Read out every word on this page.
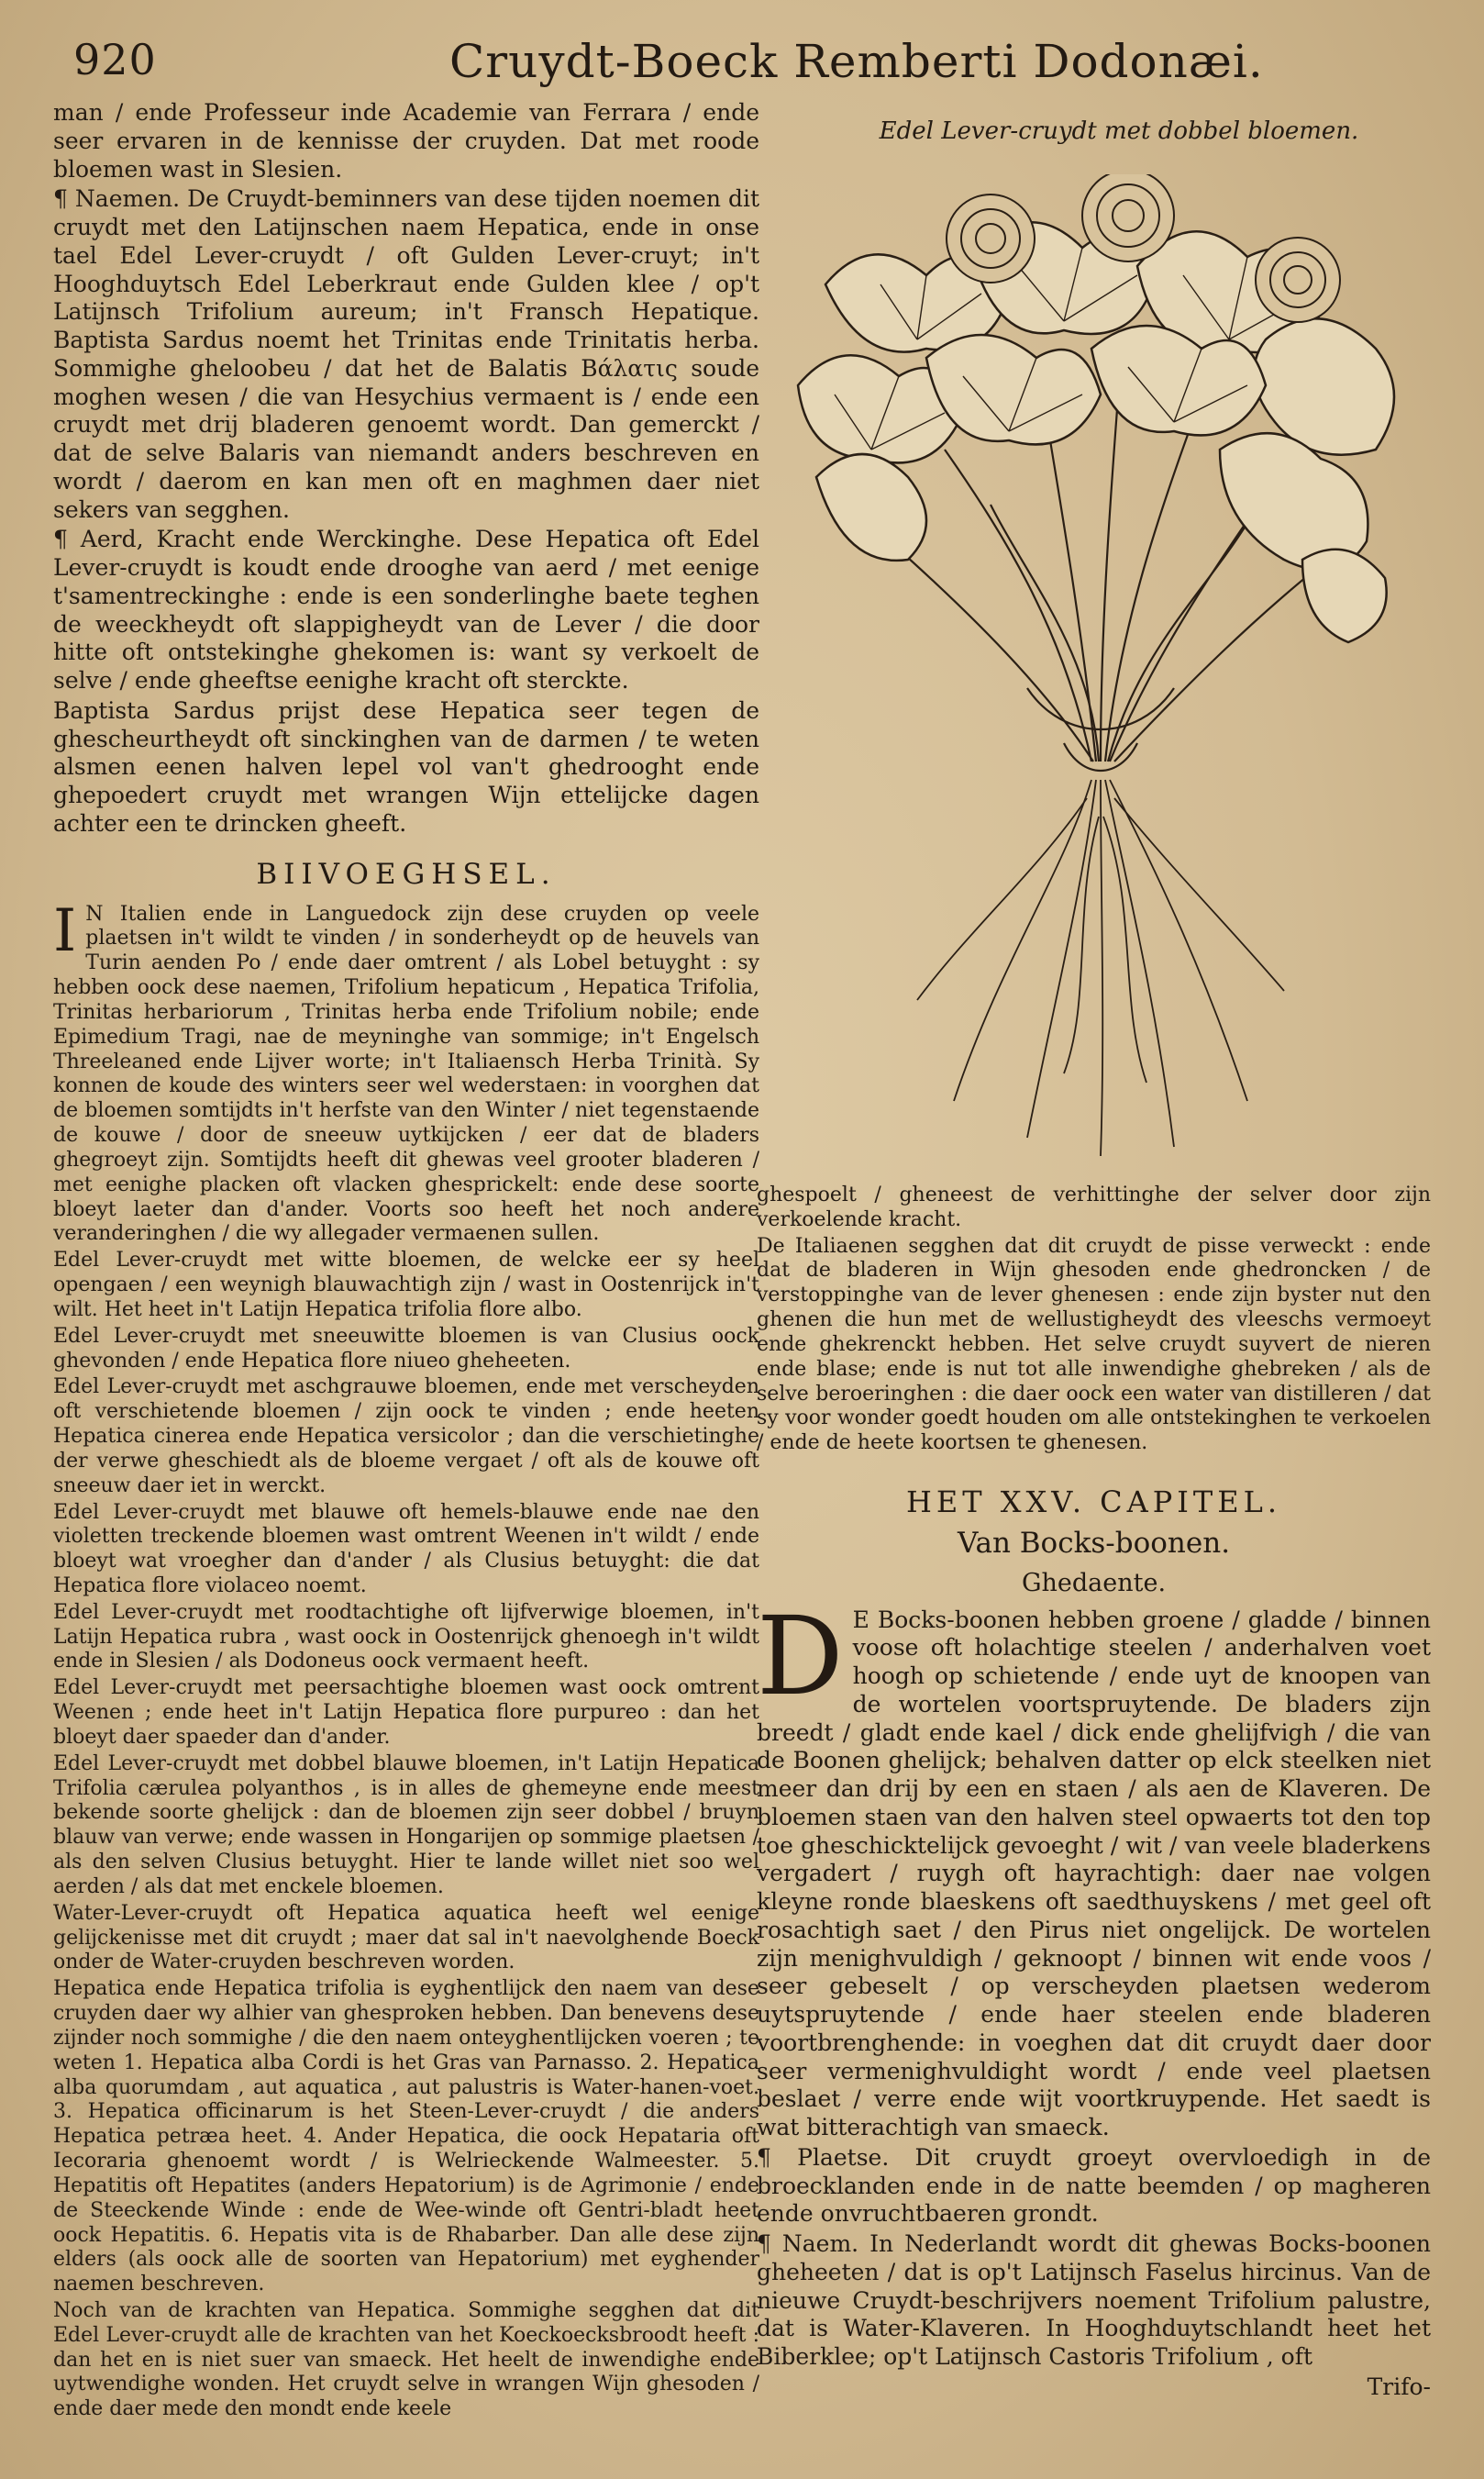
920	Cruydt-Boeck Remberti Dodonæi.
Edel Lever-cruydt met dobbel bloemen.

man / ende Professeur inde Academie van Ferrara / ende seer ervaren in de kennisse der cruyden. Dat met roode bloemen wast in Slesien.

¶ Naemen. De Cruydt-beminners van dese tijden noemen dit cruydt met den Latijnschen naem Hepatica, ende in onse tael Edel Lever-cruydt / oft Gulden Lever-cruyt; in't Hooghduytsch Edel Leberkraut ende Gulden klee / op't Latijnsch Trifolium aureum; in't Fransch Hepatique. Baptista Sardus noemt het Trinitas ende Trinitatis herba. Sommighe gheloobeu / dat het de Balatis Βάλατις soude moghen wesen / die van Hesychius vermaent is / ende een cruydt met drij bladeren genoemt wordt. Dan gemerckt / dat de selve Balaris van niemandt anders beschreven en wordt / daerom en kan men oft en maghmen daer niet sekers van segghen.

¶ Aerd, Kracht ende Werckinghe. Dese Hepatica oft Edel Lever-cruydt is koudt ende drooghe van aerd / met eenige t'samentreckinghe : ende is een sonderlinghe baete teghen de weeckheydt oft slappigheydt van de Lever / die door hitte oft ontstekinghe ghekomen is: want sy verkoelt de selve / ende gheeftse eenighe kracht oft sterckte.

Baptista Sardus prijst dese Hepatica seer tegen de ghescheurtheydt oft sinckinghen van de darmen / te weten alsmen eenen halven lepel vol van't ghedrooght ende ghepoedert cruydt met wrangen Wijn ettelijcke dagen achter een te drincken gheeft.

BIIVOEGHSEL.

I N Italien ende in Languedock zijn dese cruyden op veele plaetsen in't wildt te vinden / in sonderheydt op de heuvels van Turin aenden Po / ende daer omtrent / als Lobel betuyght : sy hebben oock dese naemen, Trifolium hepaticum , Hepatica Trifolia, Trinitas herbariorum , Trinitas herba ende Trifolium nobile; ende Epimedium Tragi, nae de meyninghe van sommige; in't Engelsch Threeleaned ende Lijver worte; in't Italiaensch Herba Trinità. Sy konnen de koude des winters seer wel wederstaen: in voorghen dat de bloemen somtijdts in't herfste van den Winter / niet tegenstaende de kouwe / door de sneeuw uytkijcken / eer dat de bladers ghegroeyt zijn. Somtijdts heeft dit ghewas veel grooter bladeren / met eenighe placken oft vlacken ghesprickelt: ende dese soorte bloeyt laeter dan d'ander. Voorts soo heeft het noch andere veranderinghen / die wy allegader vermaenen sullen.

Edel Lever-cruydt met witte bloemen, de welcke eer sy heel opengaen / een weynigh blauwachtigh zijn / wast in Oostenrijck in't wilt. Het heet in't Latijn Hepatica trifolia flore albo.

Edel Lever-cruydt met sneeuwitte bloemen is van Clusius oock ghevonden / ende Hepatica flore niueo gheheeten.

Edel Lever-cruydt met aschgrauwe bloemen, ende met verscheyden oft verschietende bloemen / zijn oock te vinden ; ende heeten Hepatica cinerea ende Hepatica versicolor ; dan die verschietinghe der verwe gheschiedt als de bloeme vergaet / oft als de kouwe oft sneeuw daer iet in werckt.

Edel Lever-cruydt met blauwe oft hemels-blauwe ende nae den violetten treckende bloemen wast omtrent Weenen in't wildt / ende bloeyt wat vroegher dan d'ander / als Clusius betuyght: die dat Hepatica flore violaceo noemt.

Edel Lever-cruydt met roodtachtighe oft lijfverwige bloemen, in't Latijn Hepatica rubra , wast oock in Oostenrijck ghenoegh in't wildt ende in Slesien / als Dodoneus oock vermaent heeft.

Edel Lever-cruydt met peersachtighe bloemen wast oock omtrent Weenen ; ende heet in't Latijn Hepatica flore purpureo : dan het bloeyt daer spaeder dan d'ander.

Edel Lever-cruydt met dobbel blauwe bloemen, in't Latijn Hepatica Trifolia cærulea polyanthos , is in alles de ghemeyne ende meest bekende soorte ghelijck : dan de bloemen zijn seer dobbel / bruyn blauw van verwe; ende wassen in Hongarijen op sommige plaetsen / als den selven Clusius betuyght. Hier te lande willet niet soo wel aerden / als dat met enckele bloemen.

Water-Lever-cruydt oft Hepatica aquatica heeft wel eenige gelijckenisse met dit cruydt ; maer dat sal in't naevolghende Boeck onder de Water-cruyden beschreven worden.

Hepatica ende Hepatica trifolia is eyghentlijck den naem van dese cruyden daer wy alhier van ghesproken hebben. Dan benevens dese zijnder noch sommighe / die den naem onteyghentlijcken voeren ; te weten 1. Hepatica alba Cordi is het Gras van Parnasso. 2. Hepatica alba quorumdam , aut aquatica , aut palustris is Water-hanen-voet. 3. Hepatica officinarum is het Steen-Lever-cruydt / die anders Hepatica petræa heet. 4. Ander Hepatica, die oock Hepataria oft Iecoraria ghenoemt wordt / is Welrieckende Walmeester. 5. Hepatitis oft Hepatites (anders Hepatorium) is de Agrimonie / ende de Steeckende Winde : ende de Wee-winde oft Gentri-bladt heet oock Hepatitis. 6. Hepatis vita is de Rhabarber. Dan alle dese zijn elders (als oock alle de soorten van Hepatorium) met eyghender naemen beschreven.

Noch van de krachten van Hepatica. Sommighe segghen dat dit Edel Lever-cruydt alle de krachten van het Koeckoecksbroodt heeft : dan het en is niet suer van smaeck. Het heelt de inwendighe ende uytwendighe wonden. Het cruydt selve in wrangen Wijn ghesoden / ende daer mede den mondt ende keele

ghespoelt / gheneest de verhittinghe der selver door zijn verkoelende kracht.

De Italiaenen segghen dat dit cruydt de pisse verweckt : ende dat de bladeren in Wijn ghesoden ende ghedroncken / de verstoppinghe van de lever ghenesen : ende zijn byster nut den ghenen die hun met de wellustigheydt des vleeschs vermoeyt ende ghekrenckt hebben. Het selve cruydt suyvert de nieren ende blase; ende is nut tot alle inwendighe ghebreken / als de selve beroeringhen : die daer oock een water van distilleren / dat sy voor wonder goedt houden om alle ontstekinghen te verkoelen / ende de heete koortsen te ghenesen.

HET XXV. CAPITEL.
Van Bocks-boonen.
Ghedaente.

D E Bocks-boonen hebben groene / gladde / binnen voose oft holachtige steelen / anderhalven voet hoogh op schietende / ende uyt de knoopen van de wortelen voortspruytende. De bladers zijn breedt / gladt ende kael / dick ende ghelijfvigh / die van de Boonen ghelijck; behalven datter op elck steelken niet meer dan drij by een en staen / als aen de Klaveren. De bloemen staen van den halven steel opwaerts tot den top toe gheschicktelijck gevoeght / wit / van veele bladerkens vergadert / ruygh oft hayrachtigh: daer nae volgen kleyne ronde blaeskens oft saedthuyskens / met geel oft rosachtigh saet / den Pirus niet ongelijck. De wortelen zijn menighvuldigh / geknoopt / binnen wit ende voos / seer gebeselt / op verscheyden plaetsen wederom uytspruytende / ende haer steelen ende bladeren voortbrenghende: in voeghen dat dit cruydt daer door seer vermenighvuldight wordt / ende veel plaetsen beslaet / verre ende wijt voortkruypende. Het saedt is wat bitterachtigh van smaeck.

¶ Plaetse. Dit cruydt groeyt overvloedigh in de broecklanden ende in de natte beemden / op magheren ende onvruchtbaeren grondt.

¶ Naem. In Nederlandt wordt dit ghewas Bocks-boonen gheheeten / dat is op't Latijnsch Faselus hircinus. Van de nieuwe Cruydt-beschrijvers noement Trifolium palustre, dat is Water-Klaveren. In Hooghduytschlandt heet het Biberklee; op't Latijnsch Castoris Trifolium , oft

Trifo-
